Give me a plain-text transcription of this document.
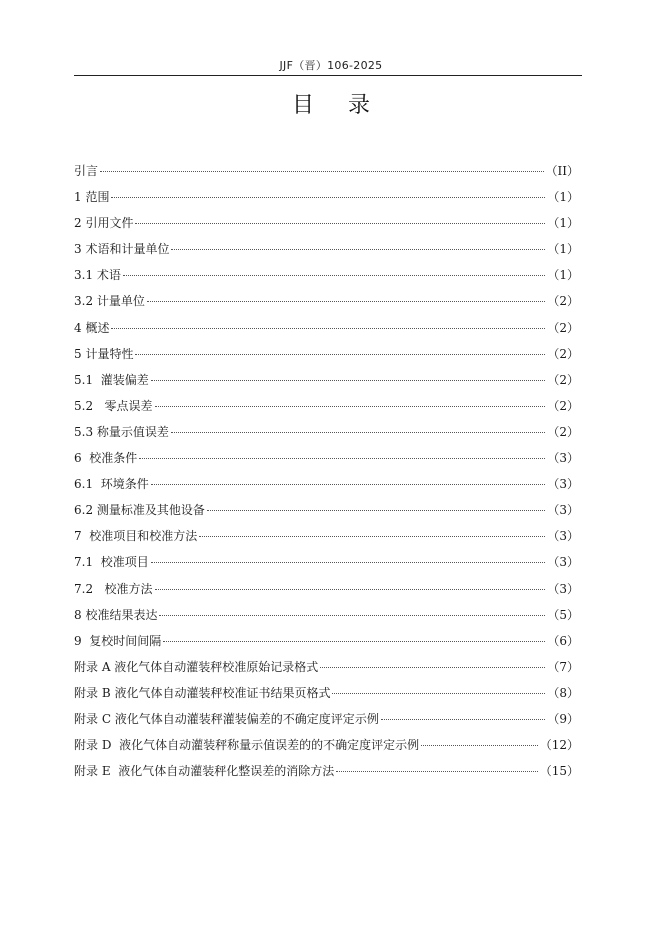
JJF（晋）106-2025
目录
引言	（II）
1 范围	（1）
2 引用文件	（1）
3 术语和计量单位	（1）
3.1 术语	（1）
3.2 计量单位	（2）
4 概述	（2）
5 计量特性	（2）
5.1  灌装偏差	（2）
5.2   零点误差	（2）
5.3 称量示值误差	（2）
6  校准条件	（3）
6.1  环境条件	（3）
6.2 测量标准及其他设备	（3）
7  校准项目和校准方法	（3）
7.1  校准项目	（3）
7.2   校准方法	（3）
8 校准结果表达	（5）
9  复校时间间隔	（6）
附录 A 液化气体自动灌装秤校准原始记录格式	（7）
附录 B 液化气体自动灌装秤校准证书结果页格式	（8）
附录 C 液化气体自动灌装秤灌装偏差的不确定度评定示例	（9）
附录 D  液化气体自动灌装秤称量示值误差的的不确定度评定示例	（12）
附录 E  液化气体自动灌装秤化整误差的消除方法	（15）
